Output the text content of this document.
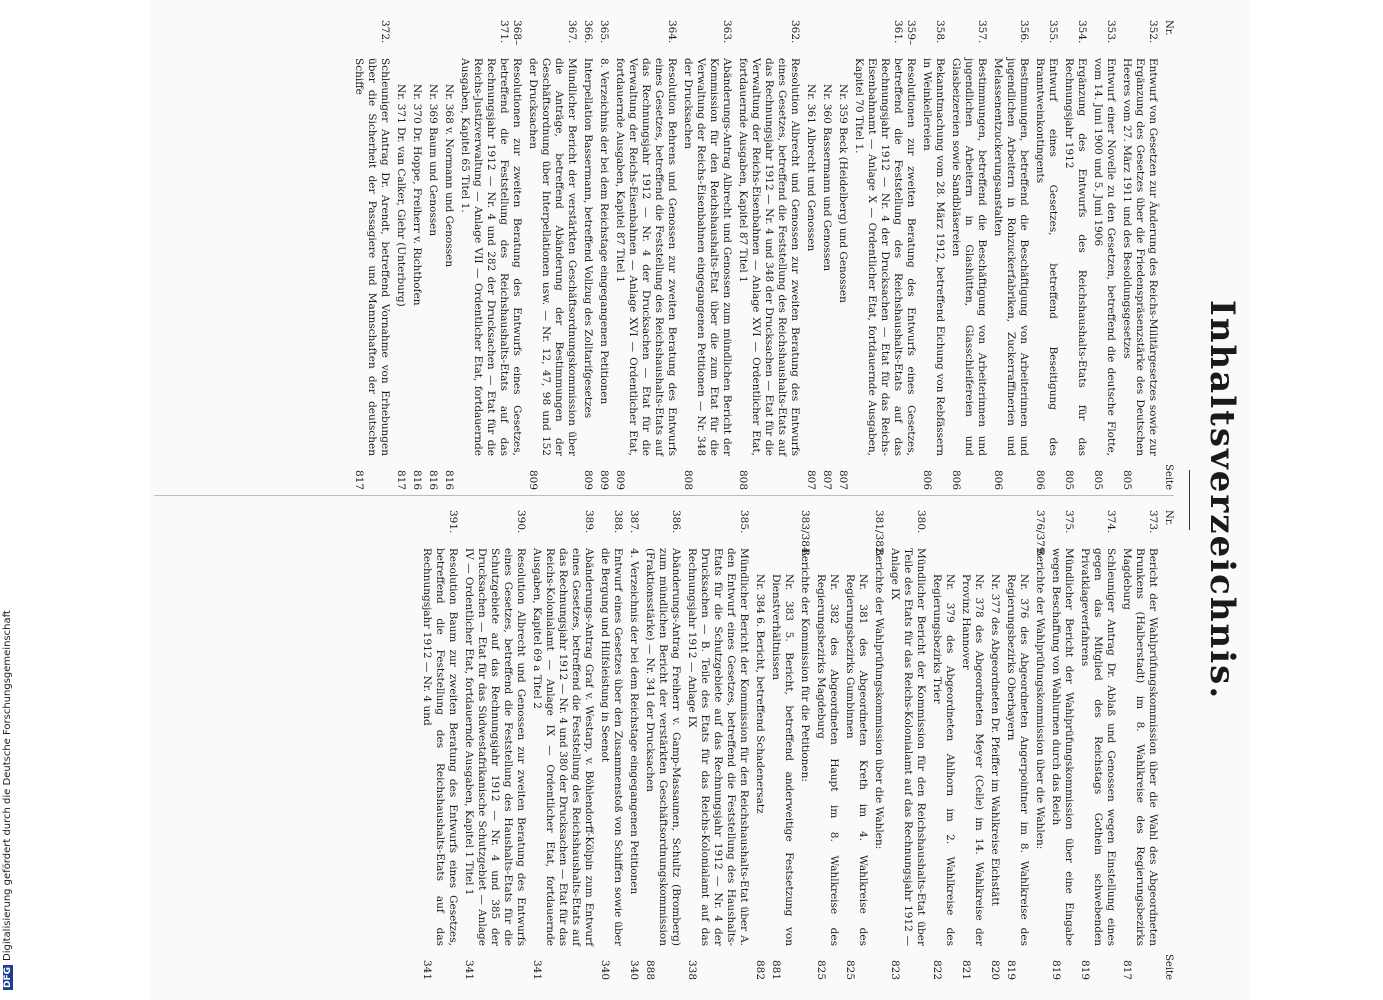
DFGDigitalisierung gefördert durch die Deutsche Forschungsgemeinschaft
Inhaltsverzeichnis.
Nr.
Seite
352.
Entwurf von Gesetzen zur Änderung des Reichs-Militärgesetzes sowie zur Ergänzung des Gesetzes über die Friedenspräsenzstärke des Deutschen Heeres vom 27. März 1911 und des Besoldungsgesetzes
805
353.
Entwurf einer Novelle zu den Gesetzen, betreffend die deutsche Flotte, vom 14. Juni 1900 und 5. Juni 1906
805
354.
Ergänzung des Entwurfs des Reichshaushalts-Etats für das Rechnungsjahr 1912
805
355.
Entwurf eines Gesetzes, betreffend Beseitigung des Branntweinkontingents
806
356.
Bestimmungen, betreffend die Beschäftigung von Arbeiterinnen und jugendlichen Arbeitern in Rohzuckerfabriken, Zuckerraffinerien und Melassenentzuckerungsanstalten
806
357.
Bestimmungen, betreffend die Beschäftigung von Arbeiterinnen und jugendlichen Arbeitern in Glashütten, Glasschleifereien und Glasbeizereien sowie Sandbläsereien
806
358.
Bekanntmachung vom 28. März 1912, betreffend Eichung von Rebfässern in Weinkellereien
806
359–361.
Resolutionen zur zweiten Beratung des Entwurfs eines Gesetzes, betreffend die Feststellung des Reichshaushalts-Etats auf das Rechnungsjahr 1912 — Nr. 4 der Drucksachen — Etat für das Reichs-Eisenbahnamt — Anlage X — Ordentlicher Etat, fortdauernde Ausgaben, Kapitel 70 Titel 1.
Nr. 359 Beck (Heidelberg) und Genossen
807
Nr. 360 Bassermann und Genossen
807
Nr. 361 Albrecht und Genossen
807
362.
Resolution Albrecht und Genossen zur zweiten Beratung des Entwurfs eines Gesetzes, betreffend die Feststellung des Reichshaushalts-Etats auf das Rechnungsjahr 1912 — Nr. 4 und 348 der Drucksachen — Etat für die Verwaltung der Reichs-Eisenbahnen — Anlage XVI — Ordentlicher Etat, fortdauernde Ausgaben, Kapitel 87 Titel 1
808
363.
Abänderungs-Antrag Albrecht und Genossen zum mündlichen Bericht der Kommission für den Reichshaushalts-Etat über die zum Etat für die Verwaltung der Reichs-Eisenbahnen eingegangenen Petitionen — Nr. 348 der Drucksachen
808
364.
Resolution Behrens und Genossen zur zweiten Beratung des Entwurfs eines Gesetzes, betreffend die Feststellung des Reichshaushalts-Etats auf das Rechnungsjahr 1912 — Nr. 4 der Drucksachen — Etat für die Verwaltung der Reichs-Eisenbahnen — Anlage XVI — Ordentlicher Etat, fortdauernde Ausgaben, Kapitel 87 Titel 1
809
365.
8. Verzeichnis der bei dem Reichstage eingegangenen Petitionen
809
366.
Interpellation Bassermann, betreffend Vollzug des Zolltarifgesetzes
809
367.
Mündlicher Bericht der verstärkten Geschäftsordnungskommission über die Anträge, betreffend Abänderung der Bestimmungen der Geschäftsordnung über Interpellationen usw. — Nr. 12, 47, 98 und 152 der Drucksachen
809
368–371.
Resolutionen zur zweiten Beratung des Entwurfs eines Gesetzes, betreffend die Feststellung des Reichshaushalts-Etats auf das Rechnungsjahr 1912 — Nr. 4 und 282 der Drucksachen — Etat für die Reichs-Justizverwaltung — Anlage VII — Ordentlicher Etat, fortdauernde Ausgaben, Kapitel 65 Titel 1.
Nr. 368 v. Normann und Genossen
816
Nr. 369 Baum und Genossen
816
Nr. 370 Dr. Hoppe, Freiherr v. Richthofen
816
Nr. 371 Dr. van Calker, Giehr (Unterburg)
817
372.
Schleuniger Antrag Dr. Arendt, betreffend Vornahme von Erhebungen über die Sicherheit der Passagiere und Mannschaften der deutschen Schiffe
817
Nr.
Seite
373.
Bericht der Wahlprüfungskommission über die Wahl des Abgeordneten Brunkens (Halberstadt) im 8. Wahlkreise des Regierungsbezirks Magdeburg
817
374.
Schleuniger Antrag Dr. Ablaß und Genossen wegen Einstellung eines gegen das Mitglied des Reichstags Gothein schwebenden Privatklageverfahrens
819
375.
Mündlicher Bericht der Wahlprüfungskommission über eine Eingabe wegen Beschaffung von Wahlurnen durch das Reich
819
376/379.
Berichte der Wahlprüfungskommission über die Wahlen:
Nr. 376 des Abgeordneten Angerpointner im 8. Wahlkreise des Regierungsbezirks Oberbayern
819
Nr. 377 des Abgeordneten Dr. Pfeiffer im Wahlkreise Eichstätt
820
Nr. 378 des Abgeordneten Meyer (Celle) im 14. Wahlkreise der Provinz Hannover
821
Nr. 379 des Abgeordneten Ahlhorn im 2. Wahlkreise des Regierungsbezirks Trier
822
380.
Mündlicher Bericht der Kommission für den Reichshaushalts-Etat über Teile des Etats für das Reichs-Kolonialamt auf das Rechnungsjahr 1912 — Anlage IX
823
381/382.
Berichte der Wahlprüfungskommission über die Wahlen:
Nr. 381 des Abgeordneten Kreth im 4. Wahlkreise des Regierungsbezirks Gumbinnen
825
Nr. 382 des Abgeordneten Haupt im 8. Wahlkreise des Regierungsbezirks Magdeburg
825
383/384.
Berichte der Kommission für die Petitionen:
Nr. 383 5. Bericht, betreffend anderweitige Festsetzung von Dienstverhältnissen
881
Nr. 384 6. Bericht, betreffend Schadenersatz
882
385.
Mündlicher Bericht der Kommission für den Reichshaushalts-Etat über A. den Entwurf eines Gesetzes, betreffend die Feststellung des Haushalts-Etats für die Schutzgebiete auf das Rechnungsjahr 1912 — Nr. 4 der Drucksachen — B. Teile des Etats für das Reichs-Kolonialamt auf das Rechnungsjahr 1912 — Anlage IX
338
386.
Abänderungs-Antrag Freiherr v. Gamp-Massaunen, Schultz (Bromberg) zum mündlichen Bericht der verstärkten Geschäftsordnungskommission (Fraktionsstärke) — Nr. 341 der Drucksachen
888
387.
4. Verzeichnis der bei dem Reichstage eingegangenen Petitionen
340
388.
Entwurf eines Gesetzes über den Zusammenstoß von Schiffen sowie über die Bergung und Hilfsleistung in Seenot
340
389.
Abänderungs-Antrag Graf v. Westarp, v. Böhlendorff-Kölpin zum Entwurf eines Gesetzes, betreffend die Feststellung des Reichshaushalts-Etats auf das Rechnungsjahr 1912 — Nr. 4 und 380 der Drucksachen — Etat für das Reichs-Kolonialamt — Anlage IX — Ordentlicher Etat, fortdauernde Ausgaben, Kapitel 69 a Titel 2
341
390.
Resolution Albrecht und Genossen zur zweiten Beratung des Entwurfs eines Gesetzes, betreffend die Feststellung des Haushalts-Etats für die Schutzgebiete auf das Rechnungsjahr 1912 — Nr. 4 und 385 der Drucksachen — Etat für das Südwestafrikanische Schutzgebiet — Anlage IV — Ordentlicher Etat, fortdauernde Ausgaben, Kapitel 1 Titel 1
341
391.
Resolution Baum zur zweiten Beratung des Entwurfs eines Gesetzes, betreffend die Feststellung des Reichshaushalts-Etats auf das Rechnungsjahr 1912 — Nr. 4 und
341
